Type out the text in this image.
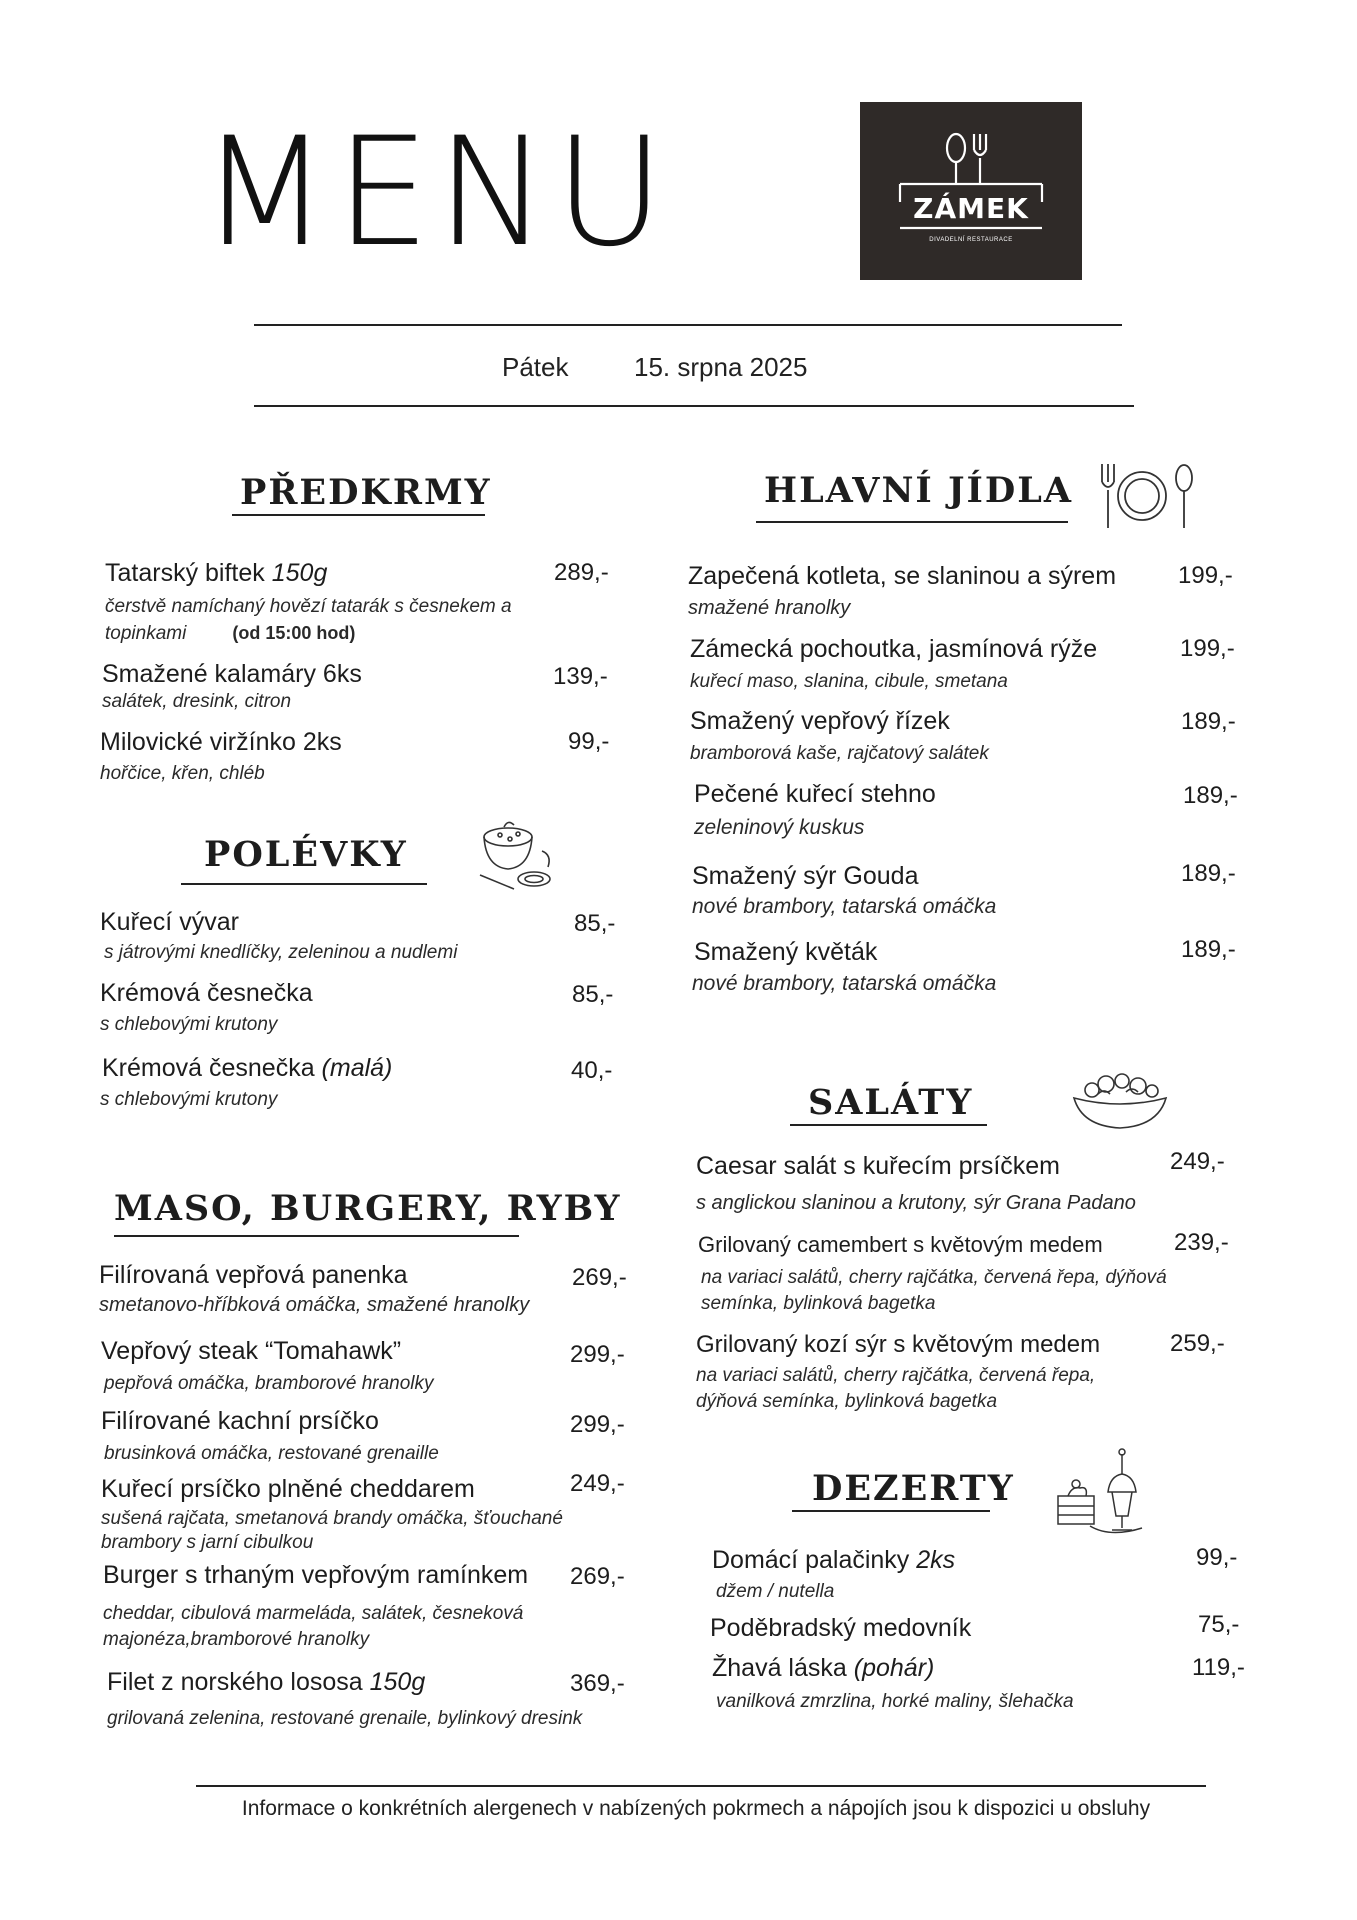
MENU	ZÁMEK
DIVADELNÍ RESTAURACE
Pátek	15. srpna 2025
PŘEDKRMY
Tatarský biftek 150g	289,-
čerstvě namíchaný hovězí tatarák s česnekem a
topinkami	(od 15:00 hod)
Smažené kalamáry 6ks	139,-
salátek, dresink, citron
Milovické viržínko 2ks	99,-
hořčice, křen, chléb
POLÉVKY
Kuřecí vývar	85,-
s játrovými knedlíčky, zeleninou a nudlemi
Krémová česnečka	85,-
s chlebovými krutony
Krémová česnečka (malá)	40,-
s chlebovými krutony
MASO, BURGERY, RYBY
Filírovaná vepřová panenka	269,-
smetanovo-hříbková omáčka, smažené hranolky
Vepřový steak “Tomahawk”	299,-
pepřová omáčka, bramborové hranolky
Filírované kachní prsíčko	299,-
brusinková omáčka, restované grenaille
Kuřecí prsíčko plněné cheddarem	249,-
sušená rajčata, smetanová brandy omáčka, šťouchané
brambory s jarní cibulkou
Burger s trhaným vepřovým ramínkem 269,-
cheddar, cibulová marmeláda, salátek, česneková
majonéza,bramborové hranolky
Filet z norského lososa 150g	369,-
grilovaná zelenina, restované grenaile, bylinkový dresink
HLAVNÍ JÍDLA
Zapečená kotleta, se slaninou a sýrem	199,-
smažené hranolky
Zámecká pochoutka, jasmínová rýže	199,-
kuřecí maso, slanina, cibule, smetana
Smažený vepřový řízek	189,-
bramborová kaše, rajčatový salátek
Pečené kuřecí stehno	189,-
zeleninový kuskus
Smažený sýr Gouda	189,-
nové brambory, tatarská omáčka
Smažený květák	189,-
nové brambory, tatarská omáčka
SALÁTY
Caesar salát s kuřecím prsíčkem	249,-
s anglickou slaninou a krutony, sýr Grana Padano
Grilovaný camembert s květovým medem	239,-
na variaci salátů, cherry rajčátka, červená řepa, dýňová
semínka, bylinková bagetka
Grilovaný kozí sýr s květovým medem	259,-
na variaci salátů, cherry rajčátka, červená řepa,
dýňová semínka, bylinková bagetka
DEZERTY
Domácí palačinky 2ks	99,-
džem / nutella
Poděbradský medovník	75,-
Žhavá láska (pohár)	119,-
vanilková zmrzlina, horké maliny, šlehačka
Informace o konkrétních alergenech v nabízených pokrmech a nápojích jsou k dispozici u obsluhy
